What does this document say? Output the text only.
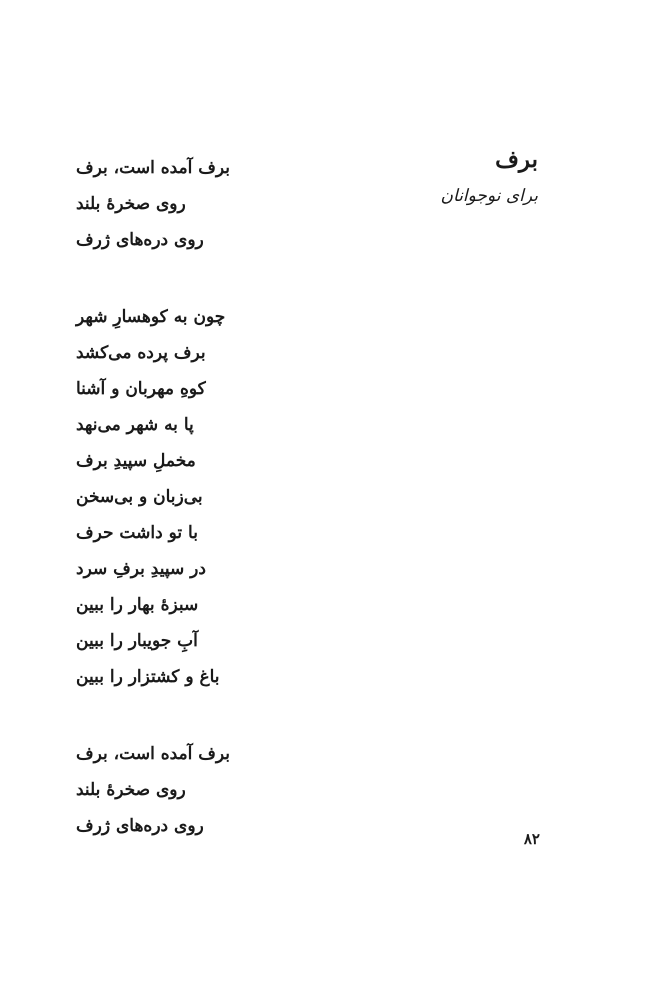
برف
برای نوجوانان
برف آمده است، برف
روی صخرهٔ بلند
روی دره‌های ژرف
چون به کوهسارِ شهر
برف پرده می‌کشد
کوهِ مهربان و آشنا
پا به شهر می‌نهد
مخملِ سپیدِ برف
بی‌زبان و بی‌سخن
با تو داشت حرف
در سپیدِ برفِ سرد
سبزهٔ بهار را ببین
آبِ جویبار را ببین
باغ و کشتزار را ببین
برف آمده است، برف
روی صخرهٔ بلند
روی دره‌های ژرف
۸۲
